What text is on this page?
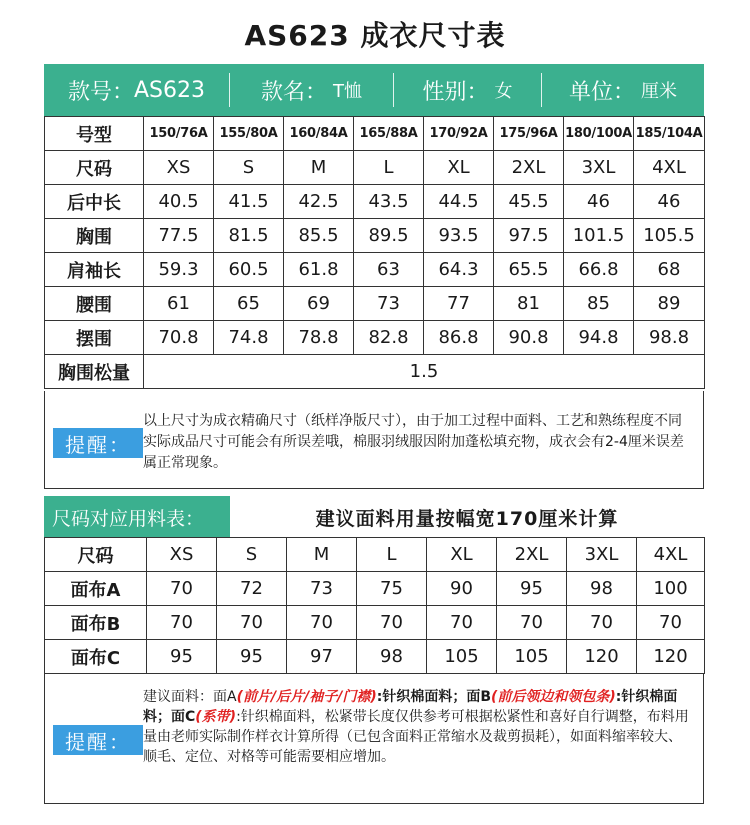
AS623 成衣尺寸表
款号： AS623	款名： T恤	性别： 女	单位： 厘米
号型	150/76A	155/80A	160/84A	165/88A	170/92A	175/96A	180/100A	185/104A
尺码	XS	S	M	L	XL	2XL	3XL	4XL
后中长	40.5	41.5	42.5	43.5	44.5	45.5	46	46
胸围	77.5	81.5	85.5	89.5	93.5	97.5	101.5	105.5
肩袖长	59.3	60.5	61.8	63	64.3	65.5	66.8	68
腰围	61	65	69	73	77	81	85	89
摆围	70.8	74.8	78.8	82.8	86.8	90.8	94.8	98.8
胸围松量	1.5							
提醒：
以上尺寸为成衣精确尺寸（纸样净版尺寸），由于加工过程中面料、工艺和熟练程度不同实际成品尺寸可能会有所误差哦，棉服羽绒服因附加蓬松填充物，成衣会有2-4厘米误差属正常现象。
尺码对应用料表：	建议面料用量按幅宽170厘米计算
尺码	XS	S	M	L	XL	2XL	3XL	4XL
面布A	70	72	73	75	90	95	98	100
面布B	70	70	70	70	70	70	70	70
面布C	95	95	97	98	105	105	120	120
提醒：
建议面料：面A(前片/后片/袖子/门襟):针织棉面料；面B(前后领边和领包条):针织棉面料；面C(系带):针织棉面料，松紧带长度仅供参考可根据松紧性和喜好自行调整，布料用量由老师实际制作样衣计算所得（已包含面料正常缩水及裁剪损耗），如面料缩率较大、顺毛、定位、对格等可能需要相应增加。
